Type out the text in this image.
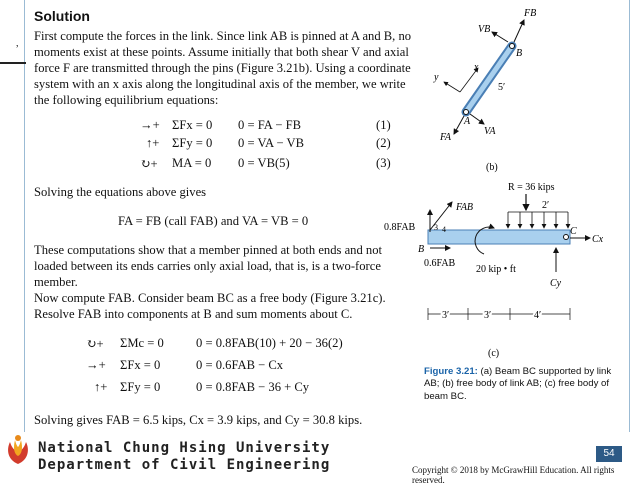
,
Solution
First compute the forces in the link. Since link AB is pinned at A and B, no
moments exist at these points. Assume initially that both shear V and axial
force F are transmitted through the pins (Figure 3.21b). Using a coordinate
system with an x axis along the longitudinal axis of the member, we write
the following equilibrium equations:
→+ ΣFx = 0 0 = FA − FB	(1)
↑+ ΣFy = 0 0 = VA − VB	(2)
↻+ MA = 0 0 = VB(5)	(3)
Solving the equations above gives
FA = FB (call FAB) and VA = VB = 0
These computations show that a member pinned at both ends and not
loaded between its ends carries only axial load, that is, is a two-force
member.
Now compute FAB. Consider beam BC as a free body (Figure 3.21c).
Resolve FAB into components at B and sum moments about C.
↻+ ΣMc = 0	0 = 0.8FAB(10) + 20 − 36(2)
→+ ΣFx = 0	0 = 0.6FAB − Cx
↑+ ΣFy = 0	0 = 0.8FAB − 36 + Cy
Solving gives FAB = 6.5 kips, Cx = 3.9 kips, and Cy = 30.8 kips.
FB
VB
B
x
y
5′
A
FA
VA
(b)
R = 36 kips
2′
FAB
0.8FAB 3 4
B
0.6FAB
20 kip • ft
C
Cx
Cy
3′	3′	4′
(c)
Figure 3.21: (a) Beam BC supported by link AB; (b) free body of link AB; (c) free body of beam BC.
National Chung Hsing University
Department of Civil Engineering
54
Copyright © 2018 by McGrawHill Education. All rights reserved.
